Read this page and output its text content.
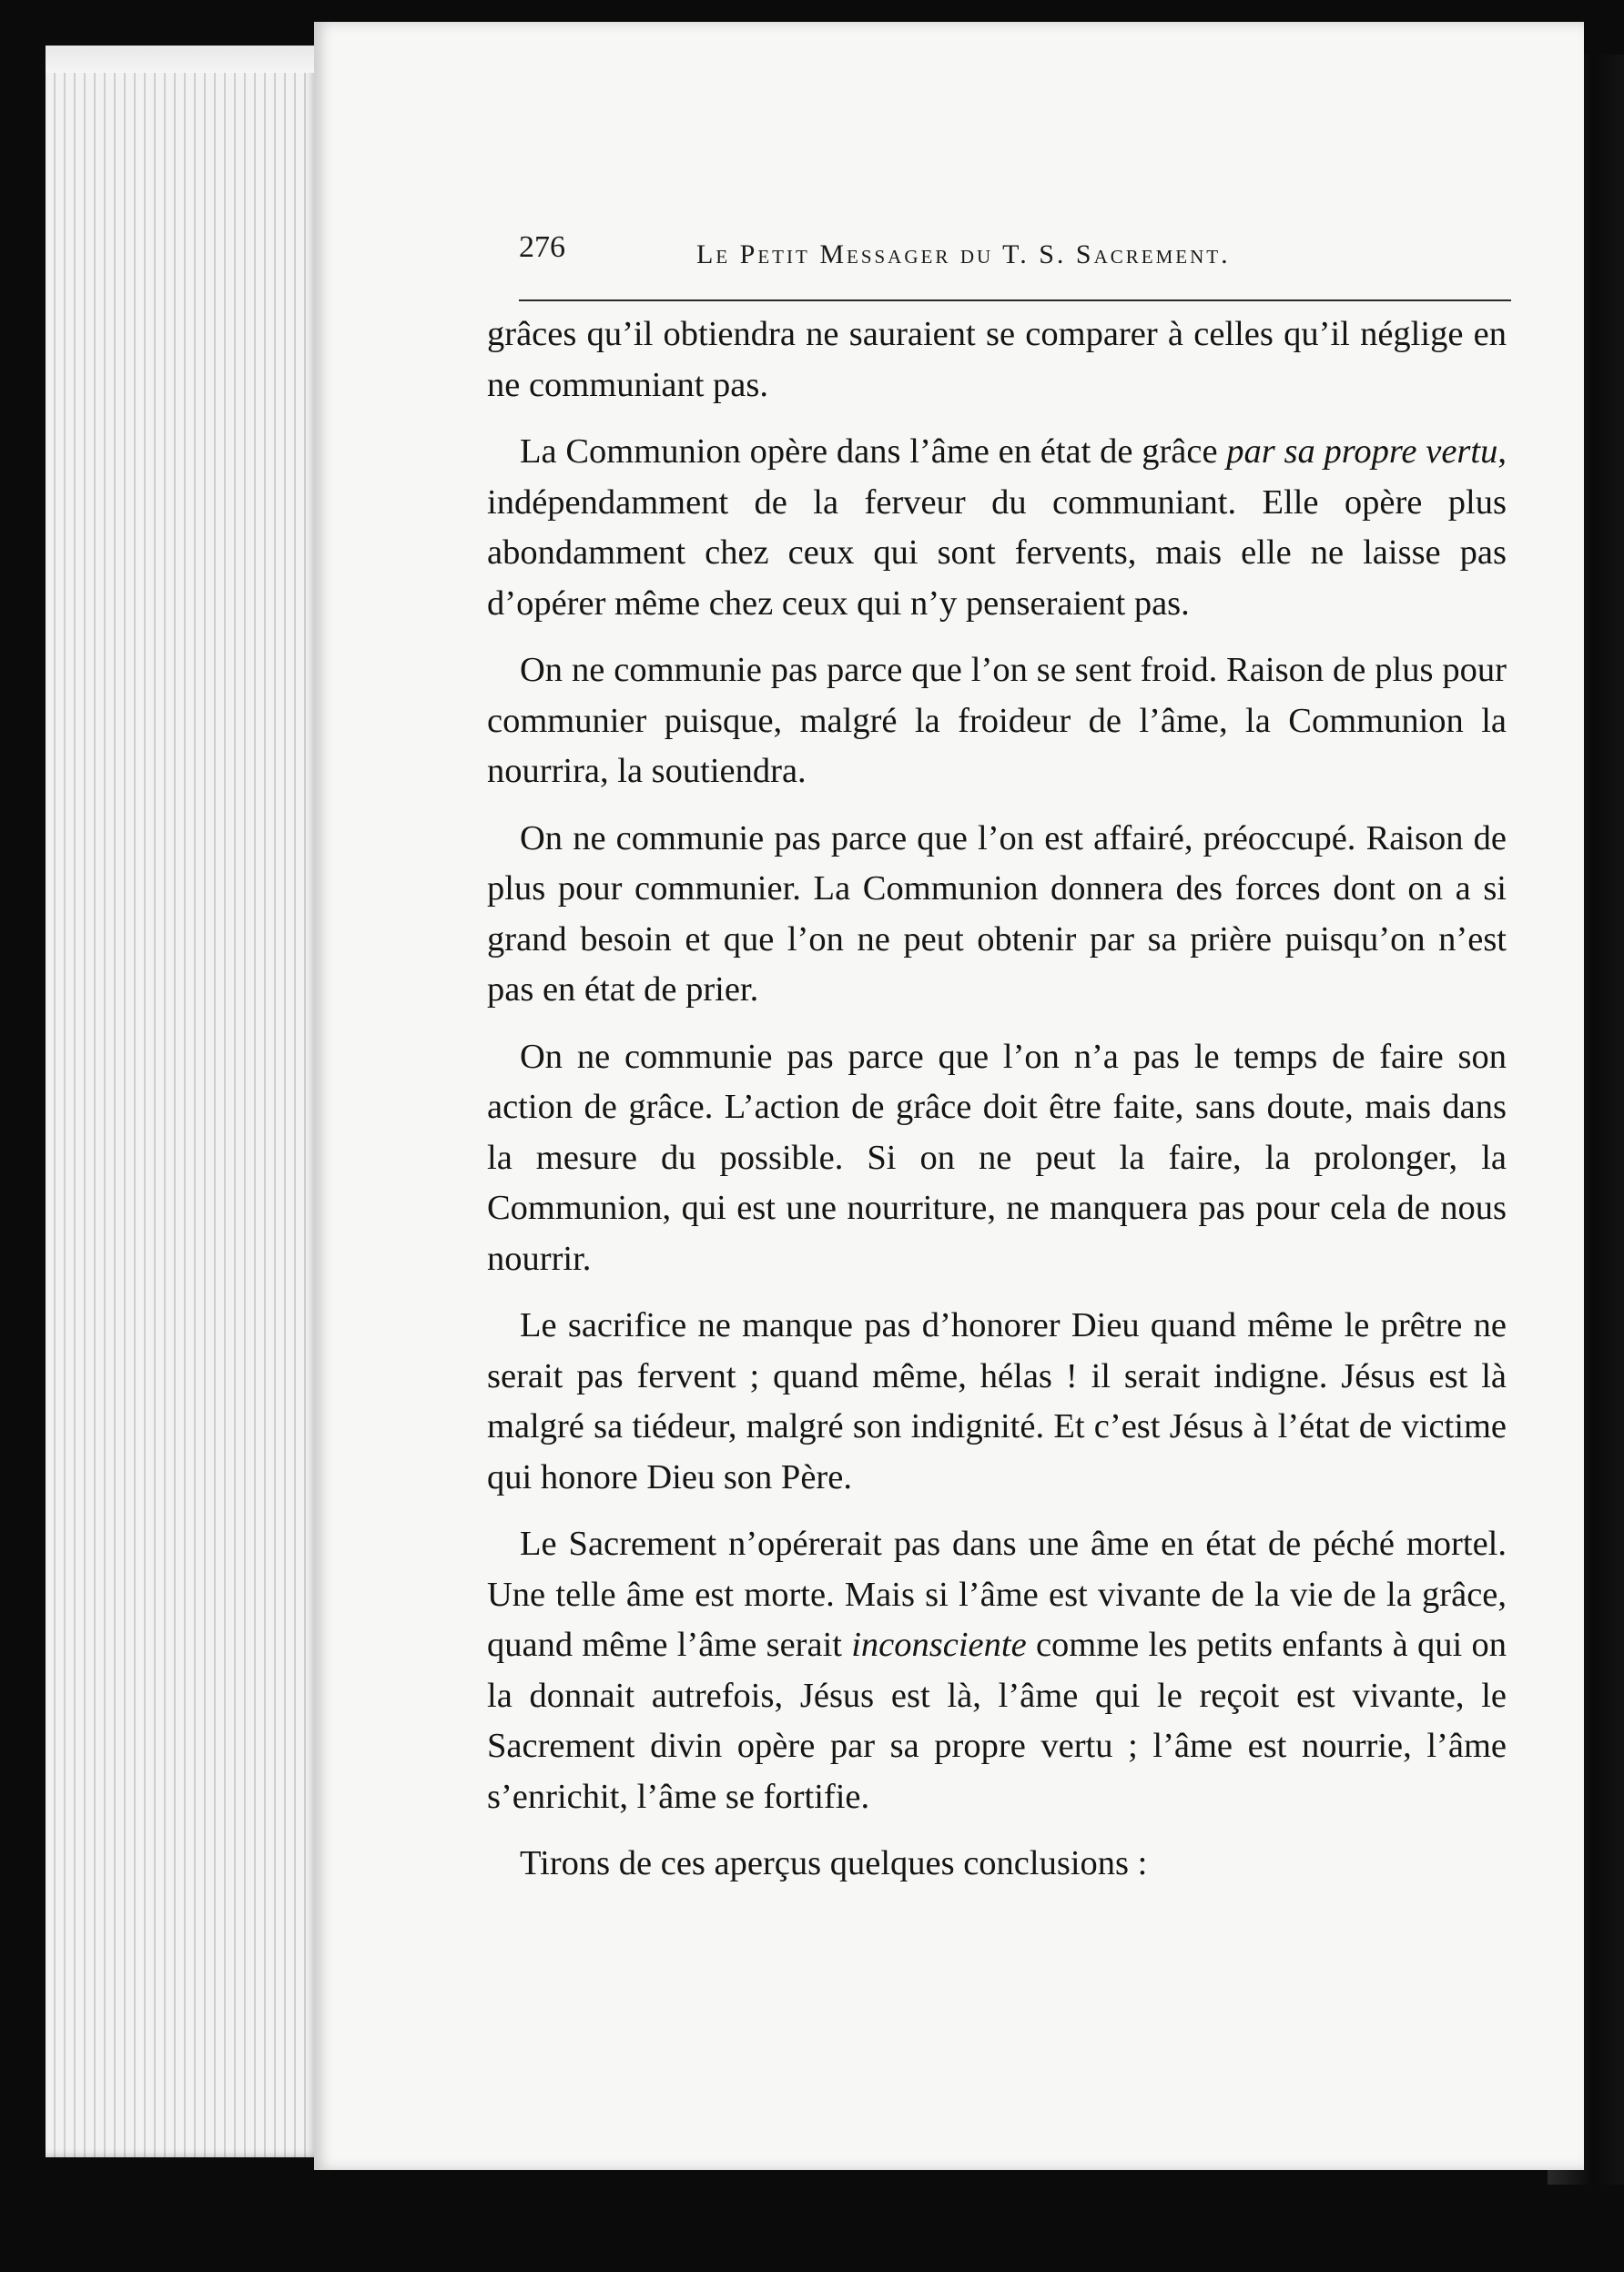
276	Le Petit Messager du T. S. Sacrement.

grâces qu’il obtiendra ne sauraient se comparer à celles qu’il néglige en ne communiant pas.

La Communion opère dans l’âme en état de grâce par sa propre vertu, indépendamment de la ferveur du communiant. Elle opère plus abondamment chez ceux qui sont fervents, mais elle ne laisse pas d’opérer même chez ceux qui n’y penseraient pas.

On ne communie pas parce que l’on se sent froid. Raison de plus pour communier puisque, malgré la froideur de l’âme, la Communion la nourrira, la soutiendra.

On ne communie pas parce que l’on est affairé, préoccupé. Raison de plus pour communier. La Communion donnera des forces dont on a si grand besoin et que l’on ne peut obtenir par sa prière puisqu’on n’est pas en état de prier.

On ne communie pas parce que l’on n’a pas le temps de faire son action de grâce. L’action de grâce doit être faite, sans doute, mais dans la mesure du possible. Si on ne peut la faire, la prolonger, la Communion, qui est une nourriture, ne manquera pas pour cela de nous nourrir.

Le sacrifice ne manque pas d’honorer Dieu quand même le prêtre ne serait pas fervent ; quand même, hélas ! il serait indigne. Jésus est là malgré sa tiédeur, malgré son indignité. Et c’est Jésus à l’état de victime qui honore Dieu son Père.

Le Sacrement n’opérerait pas dans une âme en état de péché mortel. Une telle âme est morte. Mais si l’âme est vivante de la vie de la grâce, quand même l’âme serait inconsciente comme les petits enfants à qui on la donnait autrefois, Jésus est là, l’âme qui le reçoit est vivante, le Sacrement divin opère par sa propre vertu ; l’âme est nourrie, l’âme s’enrichit, l’âme se fortifie.

Tirons de ces aperçus quelques conclusions :
